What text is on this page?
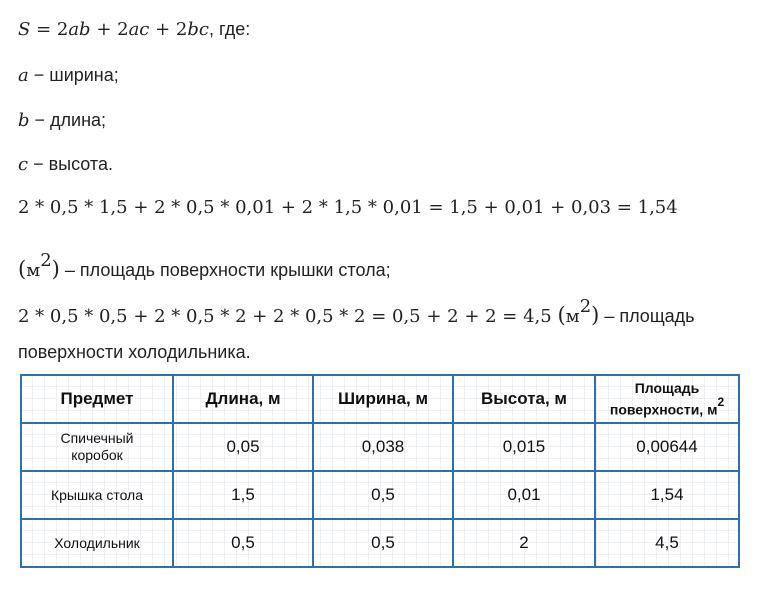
S = 2ab + 2ac + 2bc, где:
a − ширина;
b − длина;
c − высота.
2 * 0,5 * 1,5 + 2 * 0,5 * 0,01 + 2 * 1,5 * 0,01 = 1,5 + 0,01 + 0,03 = 1,54
$(м^2)$ – площадь поверхности крышки стола;
2 * 0,5 * 0,5 + 2 * 0,5 * 2 + 2 * 0,5 * 2 = 0,5 + 2 + 2 = 4,5 $(м^2)$ – площадь
поверхности холодильника.
Предмет	Длина, м	Ширина, м	Высота, м	Площадь
поверхности, $м^2$
Спичечный
коробок	0,05	0,038	0,015	0,00644
Крышка стола	1,5	0,5	0,01	1,54
Холодильник	0,5	0,5	2	4,5
